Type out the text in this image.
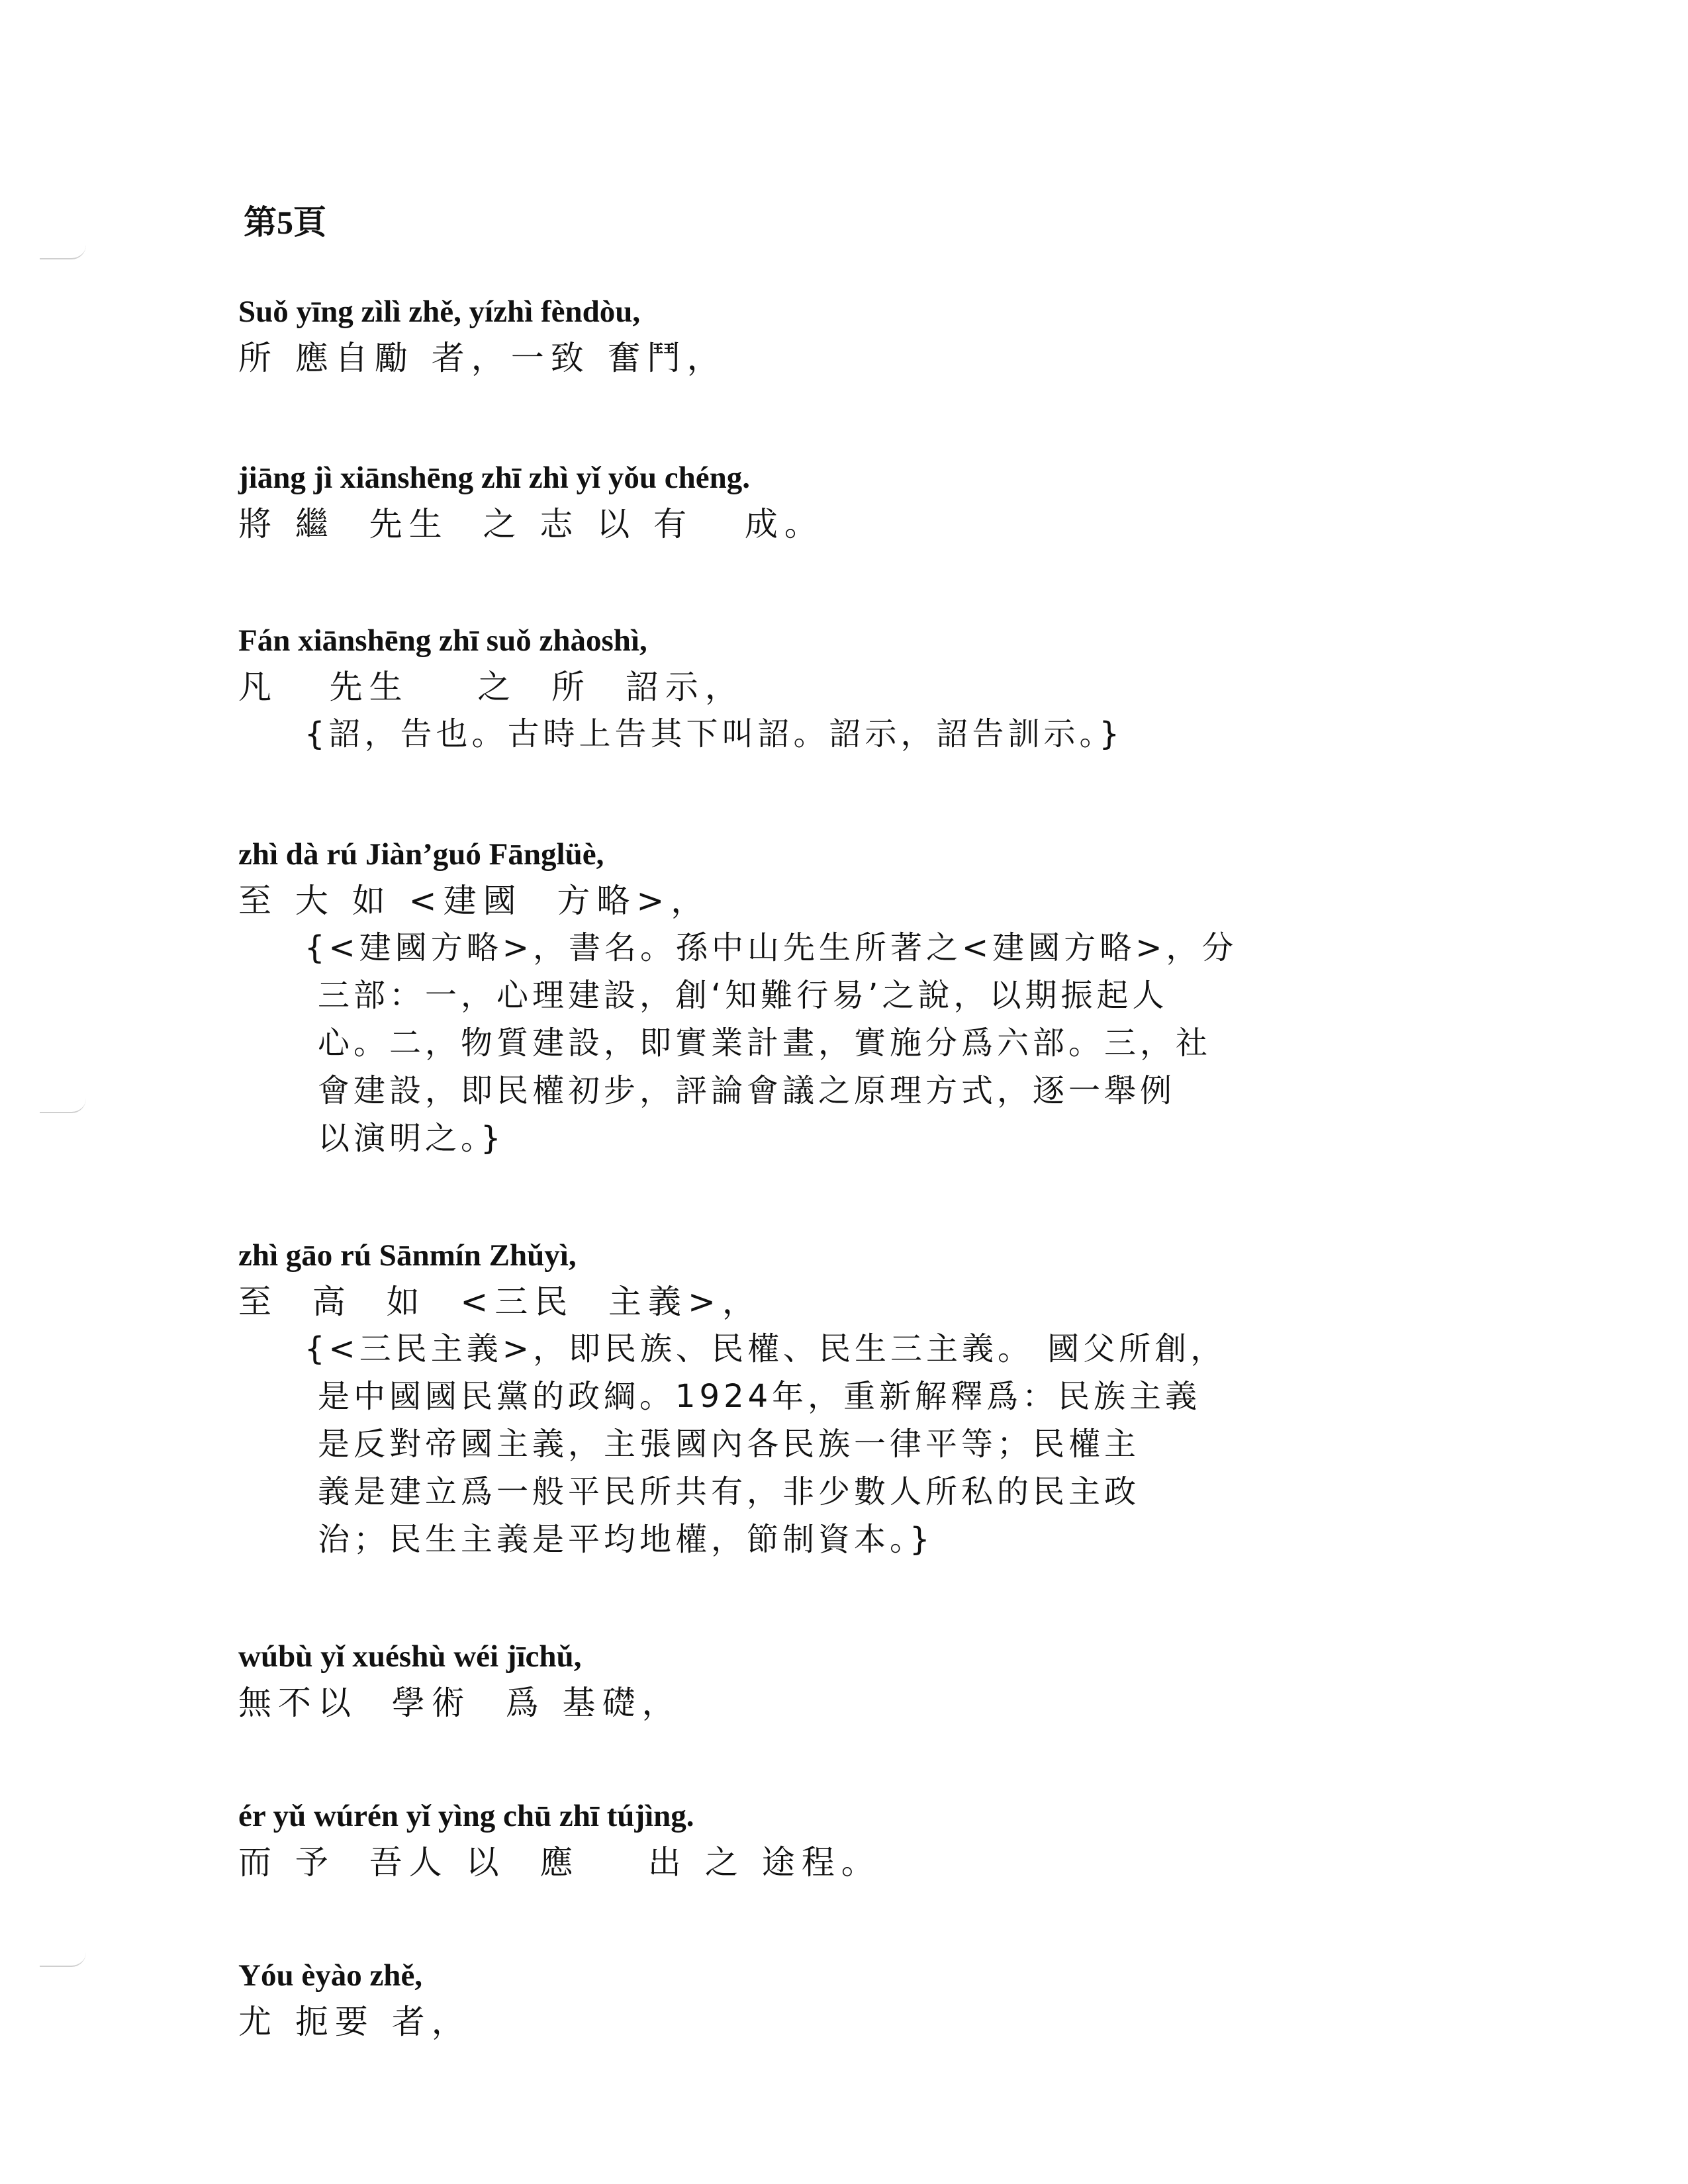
第5頁

Suǒ yīng zìlì zhě, yízhì fèndòu,
所 應自勵 者，一致 奮鬥，
jiāng jì xiānshēng zhī zhì yǐ yǒu chéng.
將 繼  先生  之 志 以 有   成。
Fán xiānshēng zhī suǒ zhàoshì,
凡   先生    之  所  詔示，
{詔，告也。古時上告其下叫詔。詔示，詔告訓示。}
zhì dà rú Jiàn’guó Fānglüè,
至 大 如 <建國  方略>，
{<建國方略>，書名。孫中山先生所著之<建國方略>，分
三部：一，心理建設，創‘知難行易’之說，以期振起人
心。二，物質建設，即實業計畫，實施分爲六部。三，社
會建設，即民權初步，評論會議之原理方式，逐一舉例
以演明之。}
zhì gāo rú Sānmín Zhǔyì,
至  高  如  <三民  主義>，
{<三民主義>，即民族、民權、民生三主義。 國父所創，
是中國國民黨的政綱。1924年，重新解釋爲：民族主義
是反對帝國主義，主張國內各民族一律平等；民權主
義是建立爲一般平民所共有，非少數人所私的民主政
治；民生主義是平均地權，節制資本。}
wúbù yǐ xuéshù wéi jīchǔ,
無不以  學術  爲 基礎，
ér yǔ wúrén yǐ yìng chū zhī tújìng.
而 予  吾人 以  應    出 之 途程。
Yóu èyào zhě,
尤 扼要 者，
